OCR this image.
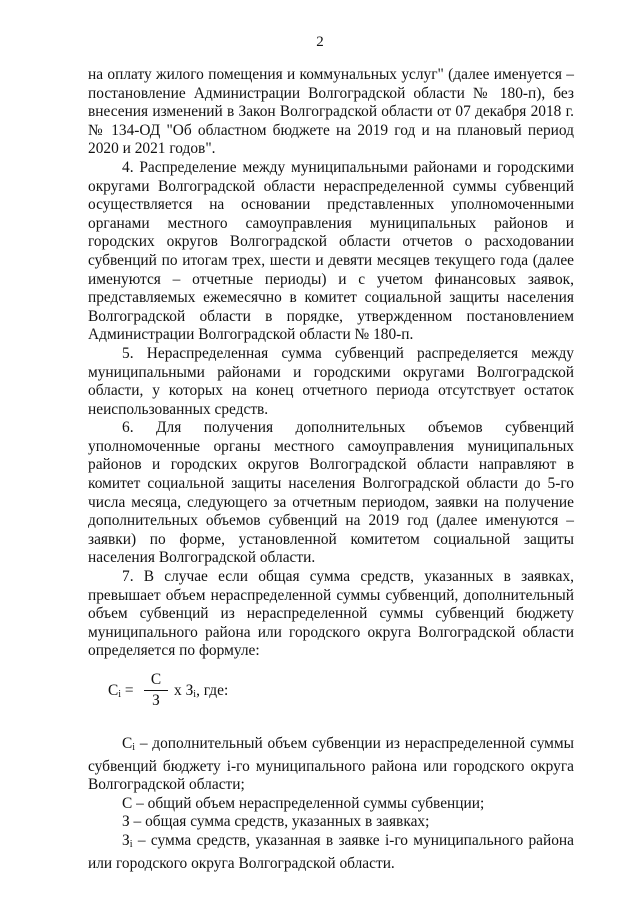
2

на оплату жилого помещения и коммунальных услуг" (далее именуется – постановление Администрации Волгоградской области № 180-п), без внесения изменений в Закон Волгоградской области от 07 декабря 2018 г. № 134-ОД "Об областном бюджете на 2019 год и на плановый период 2020 и 2021 годов".

4. Распределение между муниципальными районами и городскими округами Волгоградской области нераспределенной суммы субвенций осуществляется на основании представленных уполномоченными органами местного самоуправления муниципальных районов и городских округов Волгоградской области отчетов о расходовании субвенций по итогам трех, шести и девяти месяцев текущего года (далее именуются – отчетные периоды) и с учетом финансовых заявок, представляемых ежемесячно в комитет социальной защиты населения Волгоградской области в порядке, утвержденном постановлением Администрации Волгоградской области № 180-п.

5. Нераспределенная сумма субвенций распределяется между муниципальными районами и городскими округами Волгоградской области, у которых на конец отчетного периода отсутствует остаток неиспользованных средств.

6. Для получения дополнительных объемов субвенций уполномоченные органы местного самоуправления муниципальных районов и городских округов Волгоградской области направляют в комитет социальной защиты населения Волгоградской области до 5-го числа месяца, следующего за отчетным периодом, заявки на получение дополнительных объемов субвенций на 2019 год (далее именуются – заявки) по форме, установленной комитетом социальной защиты населения Волгоградской области.

7. В случае если общая сумма средств, указанных в заявках, превышает объем нераспределенной суммы субвенций, дополнительный объем субвенций из нераспределенной суммы субвенций бюджету муниципального района или городского округа Волгоградской области определяется по формуле:

$С_i$ =
С
З
х $З_i$, где:

$С_i$ – дополнительный объем субвенции из нераспределенной суммы субвенций бюджету i-го муниципального района или городского округа Волгоградской области;

С – общий объем нераспределенной суммы субвенции;

З – общая сумма средств, указанных в заявках;

$З_i$ – сумма средств, указанная в заявке i-го муниципального района или городского округа Волгоградской области.
